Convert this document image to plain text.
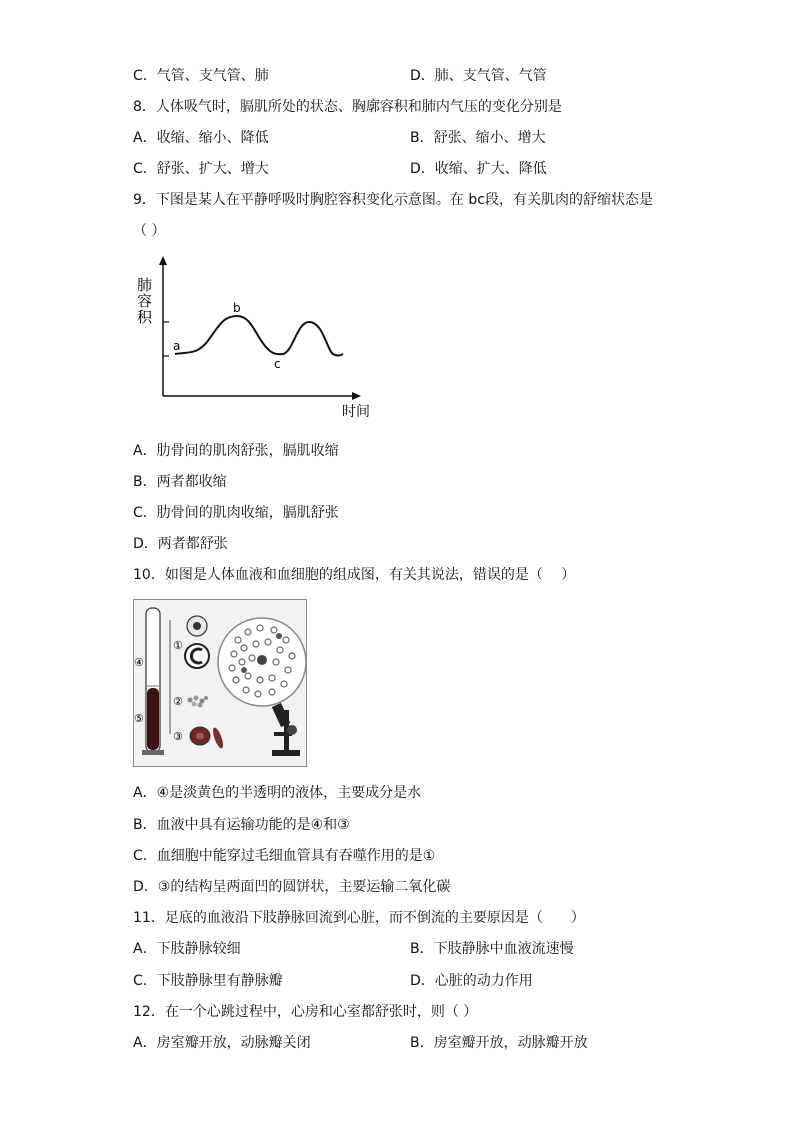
C．气管、支气管、肺	D．肺、支气管、气管
8．人体吸气时，膈肌所处的状态、胸廓容积和肺内气压的变化分别是
A．收缩、缩小、降低	B．舒张、缩小、增大
C．舒张、扩大、增大	D．收缩、扩大、降低
9．下图是某人在平静呼吸时胸腔容积变化示意图。在 bc段，有关肌肉的舒缩状态是
（ ）
肺
容
积
a
b
c
时间
A．肋骨间的肌肉舒张，膈肌收缩
B．两者都收缩
C．肋骨间的肌肉收缩，膈肌舒张
D．两者都舒张
10．如图是人体血液和血细胞的组成图，有关其说法，错误的是（　 ）
④
⑤
①
②
③
A．④是淡黄色的半透明的液体，主要成分是水
B．血液中具有运输功能的是④和③
C．血细胞中能穿过毛细血管具有吞噬作用的是①
D．③的结构呈两面凹的圆饼状，主要运输二氧化碳
11．足底的血液沿下肢静脉回流到心脏，而不倒流的主要原因是（　　）
A．下肢静脉较细	B．下肢静脉中血液流速慢
C．下肢静脉里有静脉瓣	D．心脏的动力作用
12．在一个心跳过程中，心房和心室都舒张时，则（ ）
A．房室瓣开放，动脉瓣关闭	B．房室瓣开放，动脉瓣开放
